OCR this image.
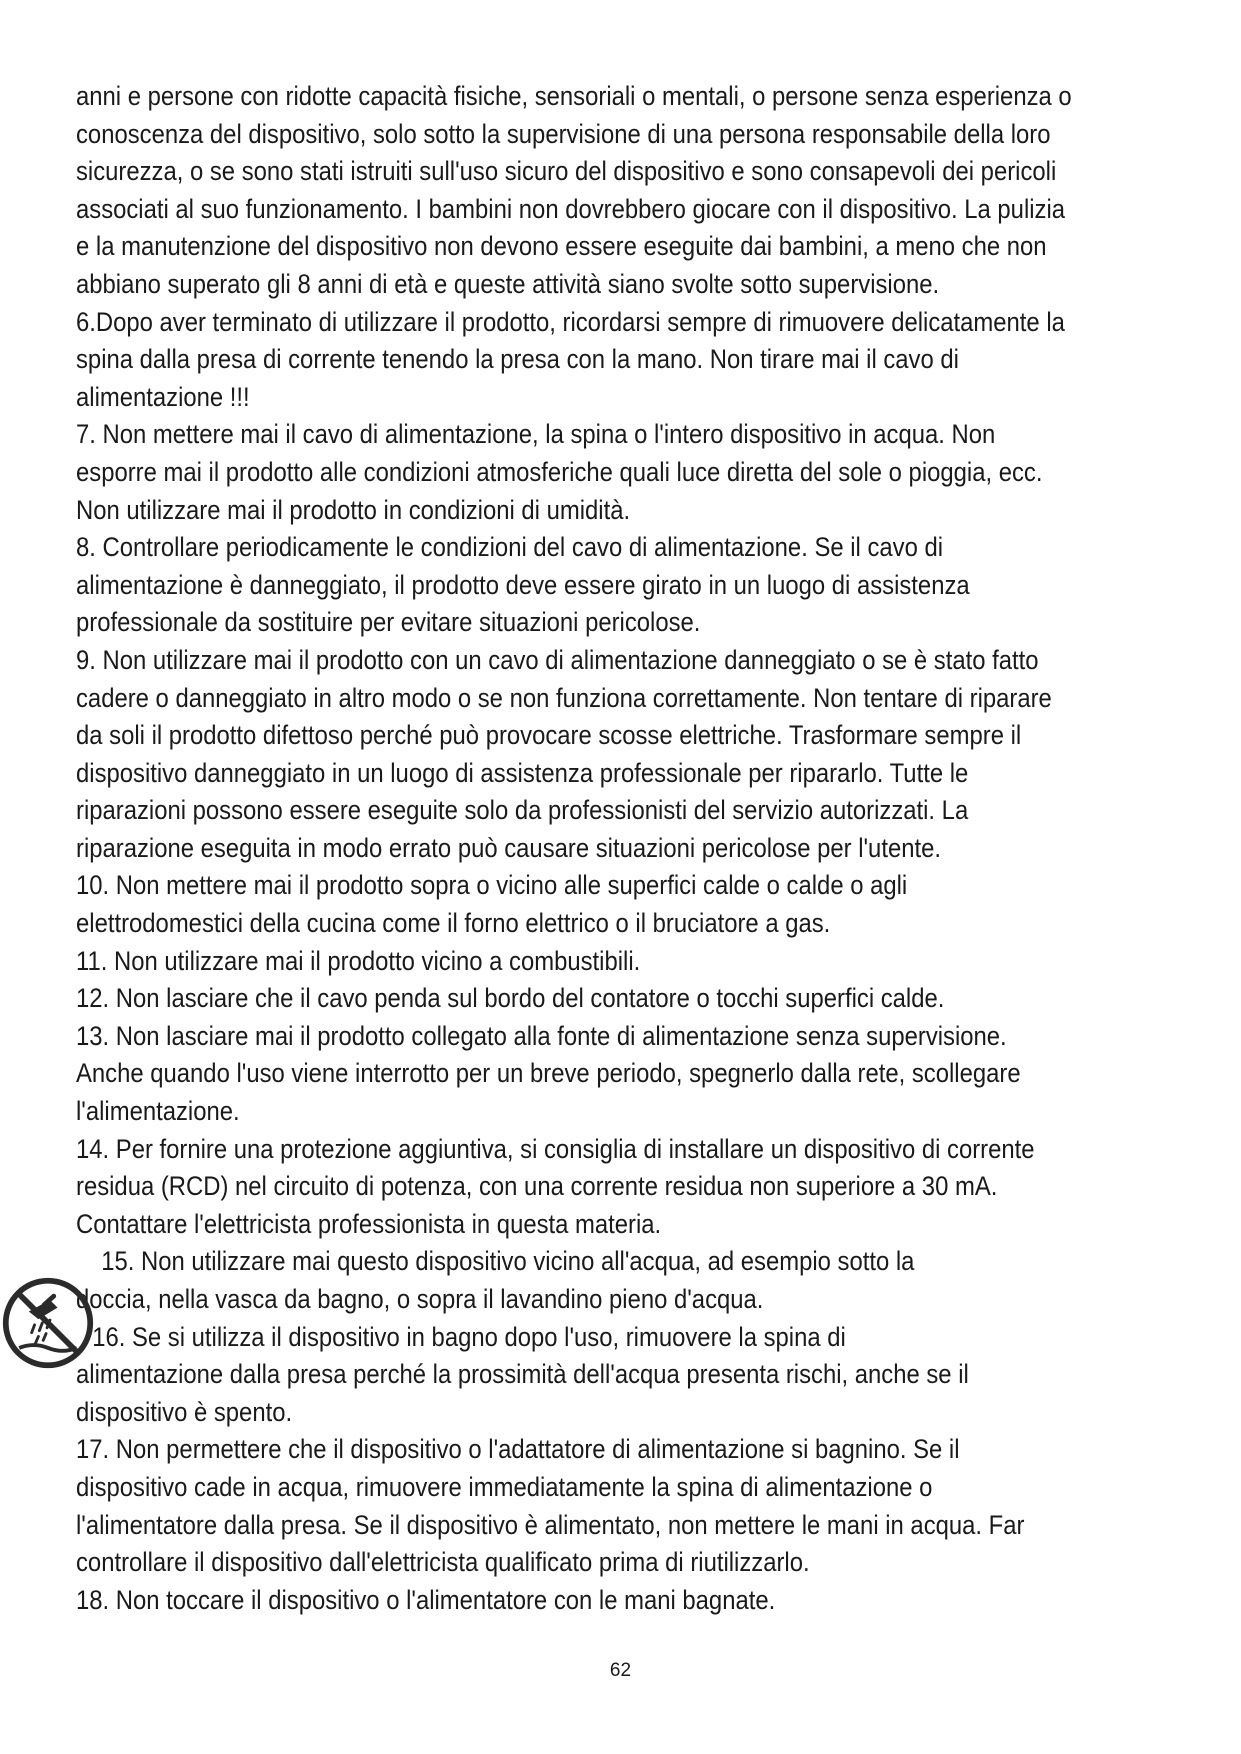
anni e persone con ridotte capacità fisiche, sensoriali o mentali, o persone senza esperienza o conoscenza del dispositivo, solo sotto la supervisione di una persona responsabile della loro sicurezza, o se sono stati istruiti sull'uso sicuro del dispositivo e sono consapevoli dei pericoli associati al suo funzionamento. I bambini non dovrebbero giocare con il dispositivo. La pulizia e la manutenzione del dispositivo non devono essere eseguite dai bambini, a meno che non abbiano superato gli 8 anni di età e queste attività siano svolte sotto supervisione.

6.Dopo aver terminato di utilizzare il prodotto, ricordarsi sempre di rimuovere delicatamente la spina dalla presa di corrente tenendo la presa con la mano. Non tirare mai il cavo di alimentazione !!!

7. Non mettere mai il cavo di alimentazione, la spina o l'intero dispositivo in acqua. Non esporre mai il prodotto alle condizioni atmosferiche quali luce diretta del sole o pioggia, ecc. Non utilizzare mai il prodotto in condizioni di umidità.

8. Controllare periodicamente le condizioni del cavo di alimentazione. Se il cavo di alimentazione è danneggiato, il prodotto deve essere girato in un luogo di assistenza professionale da sostituire per evitare situazioni pericolose.

9. Non utilizzare mai il prodotto con un cavo di alimentazione danneggiato o se è stato fatto cadere o danneggiato in altro modo o se non funziona correttamente. Non tentare di riparare da soli il prodotto difettoso perché può provocare scosse elettriche. Trasformare sempre il dispositivo danneggiato in un luogo di assistenza professionale per ripararlo. Tutte le riparazioni possono essere eseguite solo da professionisti del servizio autorizzati. La riparazione eseguita in modo errato può causare situazioni pericolose per l'utente.

10. Non mettere mai il prodotto sopra o vicino alle superfici calde o calde o agli elettrodomestici della cucina come il forno elettrico o il bruciatore a gas.

11. Non utilizzare mai il prodotto vicino a combustibili.

12. Non lasciare che il cavo penda sul bordo del contatore o tocchi superfici calde.

13. Non lasciare mai il prodotto collegato alla fonte di alimentazione senza supervisione. Anche quando l'uso viene interrotto per un breve periodo, spegnerlo dalla rete, scollegare l'alimentazione.

14. Per fornire una protezione aggiuntiva, si consiglia di installare un dispositivo di corrente residua (RCD) nel circuito di potenza, con una corrente residua non superiore a 30 mA. Contattare l'elettricista professionista in questa materia.

15. Non utilizzare mai questo dispositivo vicino all'acqua, ad esempio sotto la

doccia, nella vasca da bagno, o sopra il lavandino pieno d'acqua.

16. Se si utilizza il dispositivo in bagno dopo l'uso, rimuovere la spina di

alimentazione dalla presa perché la prossimità dell'acqua presenta rischi, anche se il dispositivo è spento.

17. Non permettere che il dispositivo o l'adattatore di alimentazione si bagnino. Se il dispositivo cade in acqua, rimuovere immediatamente la spina di alimentazione o l'alimentatore dalla presa. Se il dispositivo è alimentato, non mettere le mani in acqua. Far controllare il dispositivo dall'elettricista qualificato prima di riutilizzarlo.

18. Non toccare il dispositivo o l'alimentatore con le mani bagnate.

62
